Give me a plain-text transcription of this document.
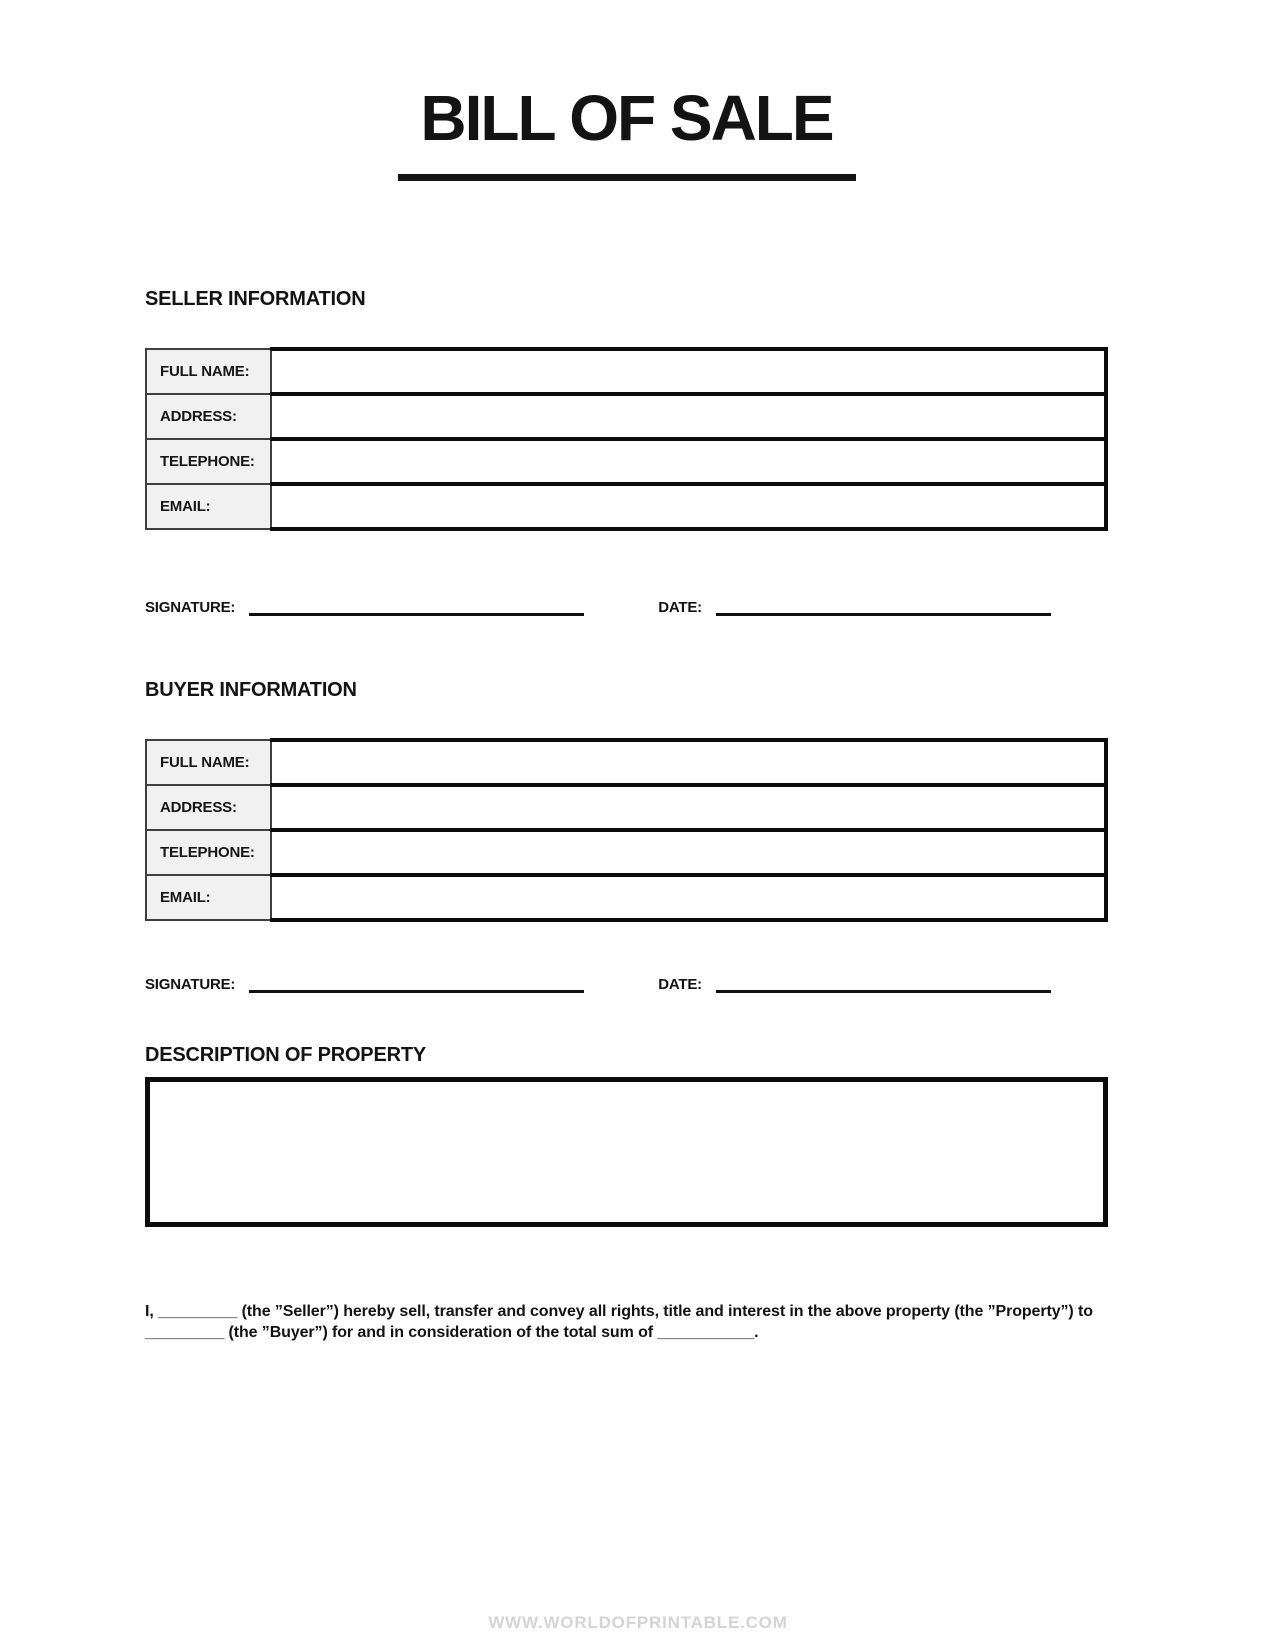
BILL OF SALE
SELLER INFORMATION
FULL NAME:	
ADDRESS:	
TELEPHONE:	
EMAIL:	
SIGNATURE:	DATE:
BUYER INFORMATION
FULL NAME:	
ADDRESS:	
TELEPHONE:	
EMAIL:	
SIGNATURE:	DATE:
DESCRIPTION OF PROPERTY

I, _________ (the ”Seller”) hereby sell, transfer and convey all rights, title and interest in the above property (the ”Property”) to _________ (the ”Buyer”) for and in consideration of the total sum of ___________.

WWW.WORLDOFPRINTABLE.COM
